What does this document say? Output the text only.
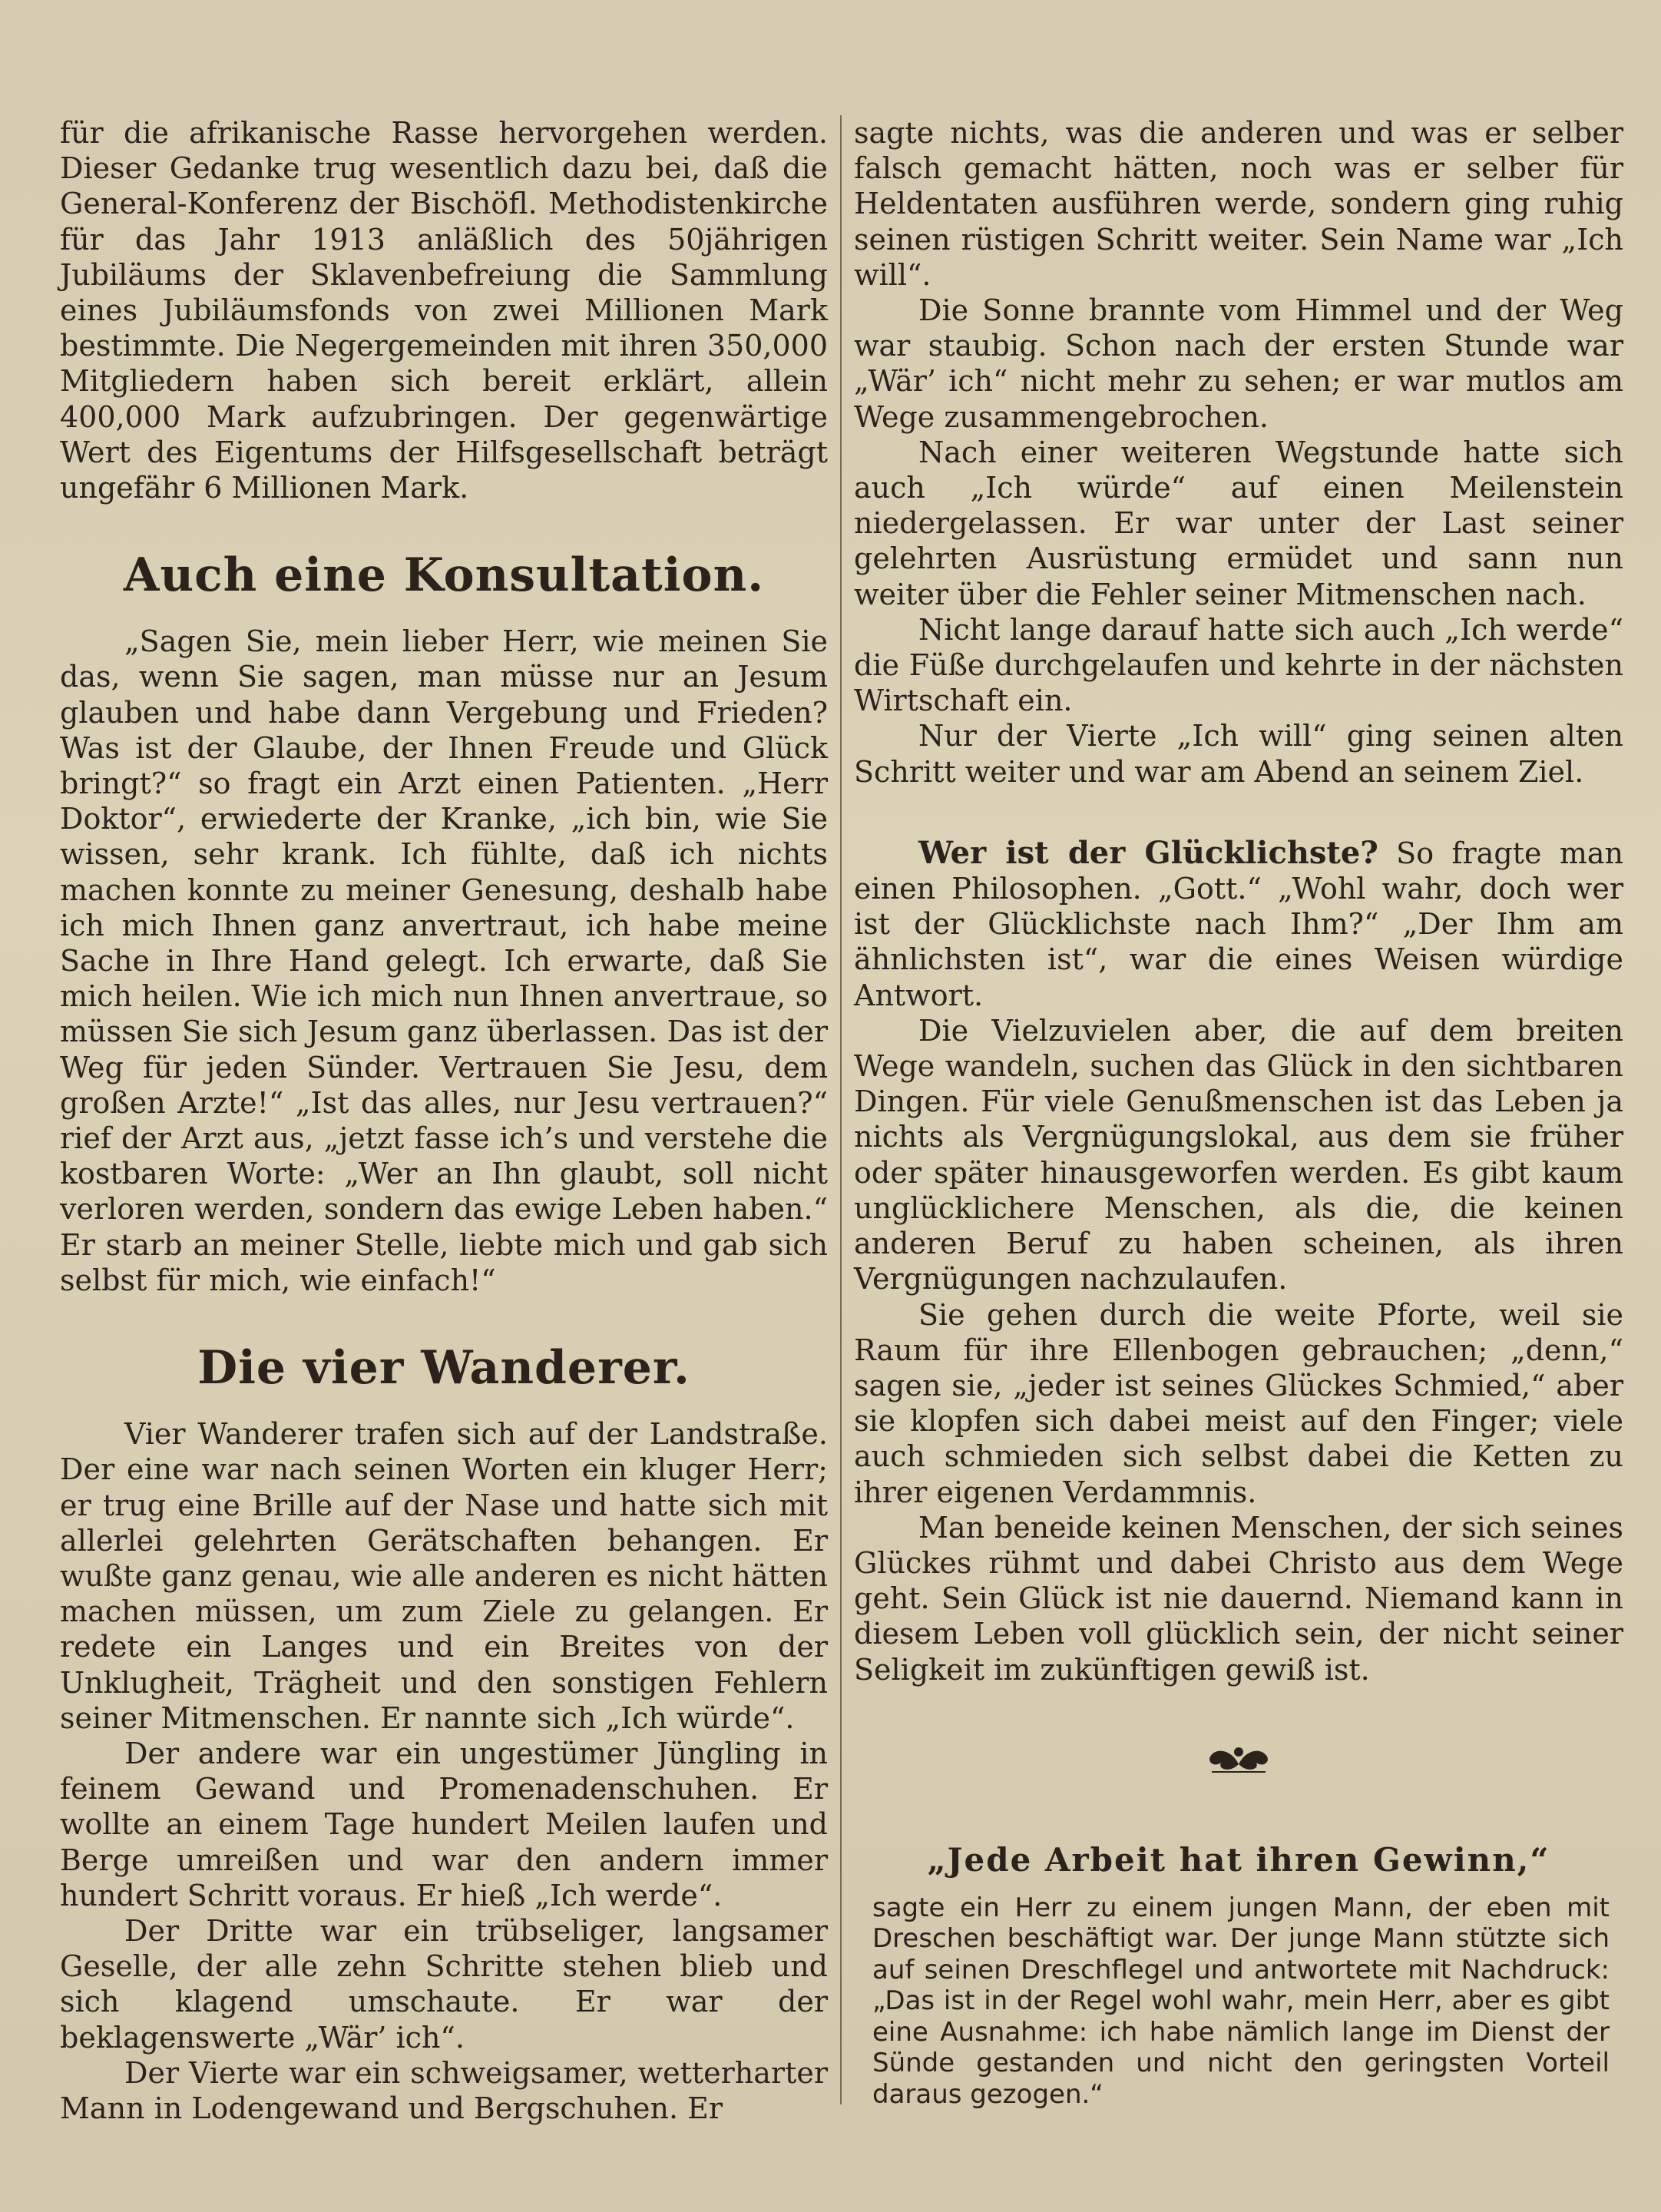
für die afrikanische Rasse hervorgehen werden. Dieser Gedanke trug wesentlich dazu bei, daß die General-Konferenz der Bischöfl. Methodistenkirche für das Jahr 1913 anläßlich des 50jährigen Jubiläums der Sklavenbefreiung die Sammlung eines Jubiläumsfonds von zwei Millionen Mark bestimmte. Die Negergemeinden mit ihren 350,000 Mitgliedern haben sich bereit erklärt, allein 400,000 Mark aufzubringen. Der gegenwärtige Wert des Eigentums der Hilfsgesellschaft beträgt ungefähr 6 Millionen Mark.

Auch eine Konsultation.

„Sagen Sie, mein lieber Herr, wie meinen Sie das, wenn Sie sagen, man müsse nur an Jesum glauben und habe dann Vergebung und Frieden? Was ist der Glaube, der Ihnen Freude und Glück bringt?“ so fragt ein Arzt einen Patienten. „Herr Doktor“, erwiederte der Kranke, „ich bin, wie Sie wissen, sehr krank. Ich fühlte, daß ich nichts machen konnte zu meiner Genesung, deshalb habe ich mich Ihnen ganz anvertraut, ich habe meine Sache in Ihre Hand gelegt. Ich erwarte, daß Sie mich heilen. Wie ich mich nun Ihnen anvertraue, so müssen Sie sich Jesum ganz überlassen. Das ist der Weg für jeden Sünder. Vertrauen Sie Jesu, dem großen Arzte!“ „Ist das alles, nur Jesu vertrauen?“ rief der Arzt aus, „jetzt fasse ich’s und verstehe die kostbaren Worte: „Wer an Ihn glaubt, soll nicht verloren werden, sondern das ewige Leben haben.“ Er starb an meiner Stelle, liebte mich und gab sich selbst für mich, wie einfach!“

Die vier Wanderer.

Vier Wanderer trafen sich auf der Landstraße. Der eine war nach seinen Worten ein kluger Herr; er trug eine Brille auf der Nase und hatte sich mit allerlei gelehrten Gerätschaften behangen. Er wußte ganz genau, wie alle anderen es nicht hätten machen müssen, um zum Ziele zu gelangen. Er redete ein Langes und ein Breites von der Unklugheit, Trägheit und den sonstigen Fehlern seiner Mitmenschen. Er nannte sich „Ich würde“.

Der andere war ein ungestümer Jüngling in feinem Gewand und Promenadenschuhen. Er wollte an einem Tage hundert Meilen laufen und Berge umreißen und war den andern immer hundert Schritt voraus. Er hieß „Ich werde“.

Der Dritte war ein trübseliger, langsamer Geselle, der alle zehn Schritte stehen blieb und sich klagend umschaute. Er war der beklagenswerte „Wär’ ich“.

Der Vierte war ein schweigsamer, wetterharter Mann in Lodengewand und Bergschuhen. Er

sagte nichts, was die anderen und was er selber falsch gemacht hätten, noch was er selber für Heldentaten ausführen werde, sondern ging ruhig seinen rüstigen Schritt weiter. Sein Name war „Ich will“.

Die Sonne brannte vom Himmel und der Weg war staubig. Schon nach der ersten Stunde war „Wär’ ich“ nicht mehr zu sehen; er war mutlos am Wege zusammengebrochen.

Nach einer weiteren Wegstunde hatte sich auch „Ich würde“ auf einen Meilenstein niedergelassen. Er war unter der Last seiner gelehrten Ausrüstung ermüdet und sann nun weiter über die Fehler seiner Mitmenschen nach.

Nicht lange darauf hatte sich auch „Ich werde“ die Füße durchgelaufen und kehrte in der nächsten Wirtschaft ein.

Nur der Vierte „Ich will“ ging seinen alten Schritt weiter und war am Abend an seinem Ziel.

Wer ist der Glücklichste? So fragte man einen Philosophen. „Gott.“ „Wohl wahr, doch wer ist der Glücklichste nach Ihm?“ „Der Ihm am ähnlichsten ist“, war die eines Weisen würdige Antwort.

Die Vielzuvielen aber, die auf dem breiten Wege wandeln, suchen das Glück in den sichtbaren Dingen. Für viele Genußmenschen ist das Leben ja nichts als Vergnügungslokal, aus dem sie früher oder später hinausgeworfen werden. Es gibt kaum unglücklichere Menschen, als die, die keinen anderen Beruf zu haben scheinen, als ihren Vergnügungen nachzulaufen.

Sie gehen durch die weite Pforte, weil sie Raum für ihre Ellenbogen gebrauchen; „denn,“ sagen sie, „jeder ist seines Glückes Schmied,“ aber sie klopfen sich dabei meist auf den Finger; viele auch schmieden sich selbst dabei die Ketten zu ihrer eigenen Verdammnis.

Man beneide keinen Menschen, der sich seines Glückes rühmt und dabei Christo aus dem Wege geht. Sein Glück ist nie dauernd. Niemand kann in diesem Leben voll glücklich sein, der nicht seiner Seligkeit im zukünftigen gewiß ist.

„Jede Arbeit hat ihren Gewinn,“

sagte ein Herr zu einem jungen Mann, der eben mit Dreschen beschäftigt war. Der junge Mann stützte sich auf seinen Dreschflegel und antwortete mit Nachdruck: „Das ist in der Regel wohl wahr, mein Herr, aber es gibt eine Ausnahme: ich habe nämlich lange im Dienst der Sünde gestanden und nicht den geringsten Vorteil daraus gezogen.“
